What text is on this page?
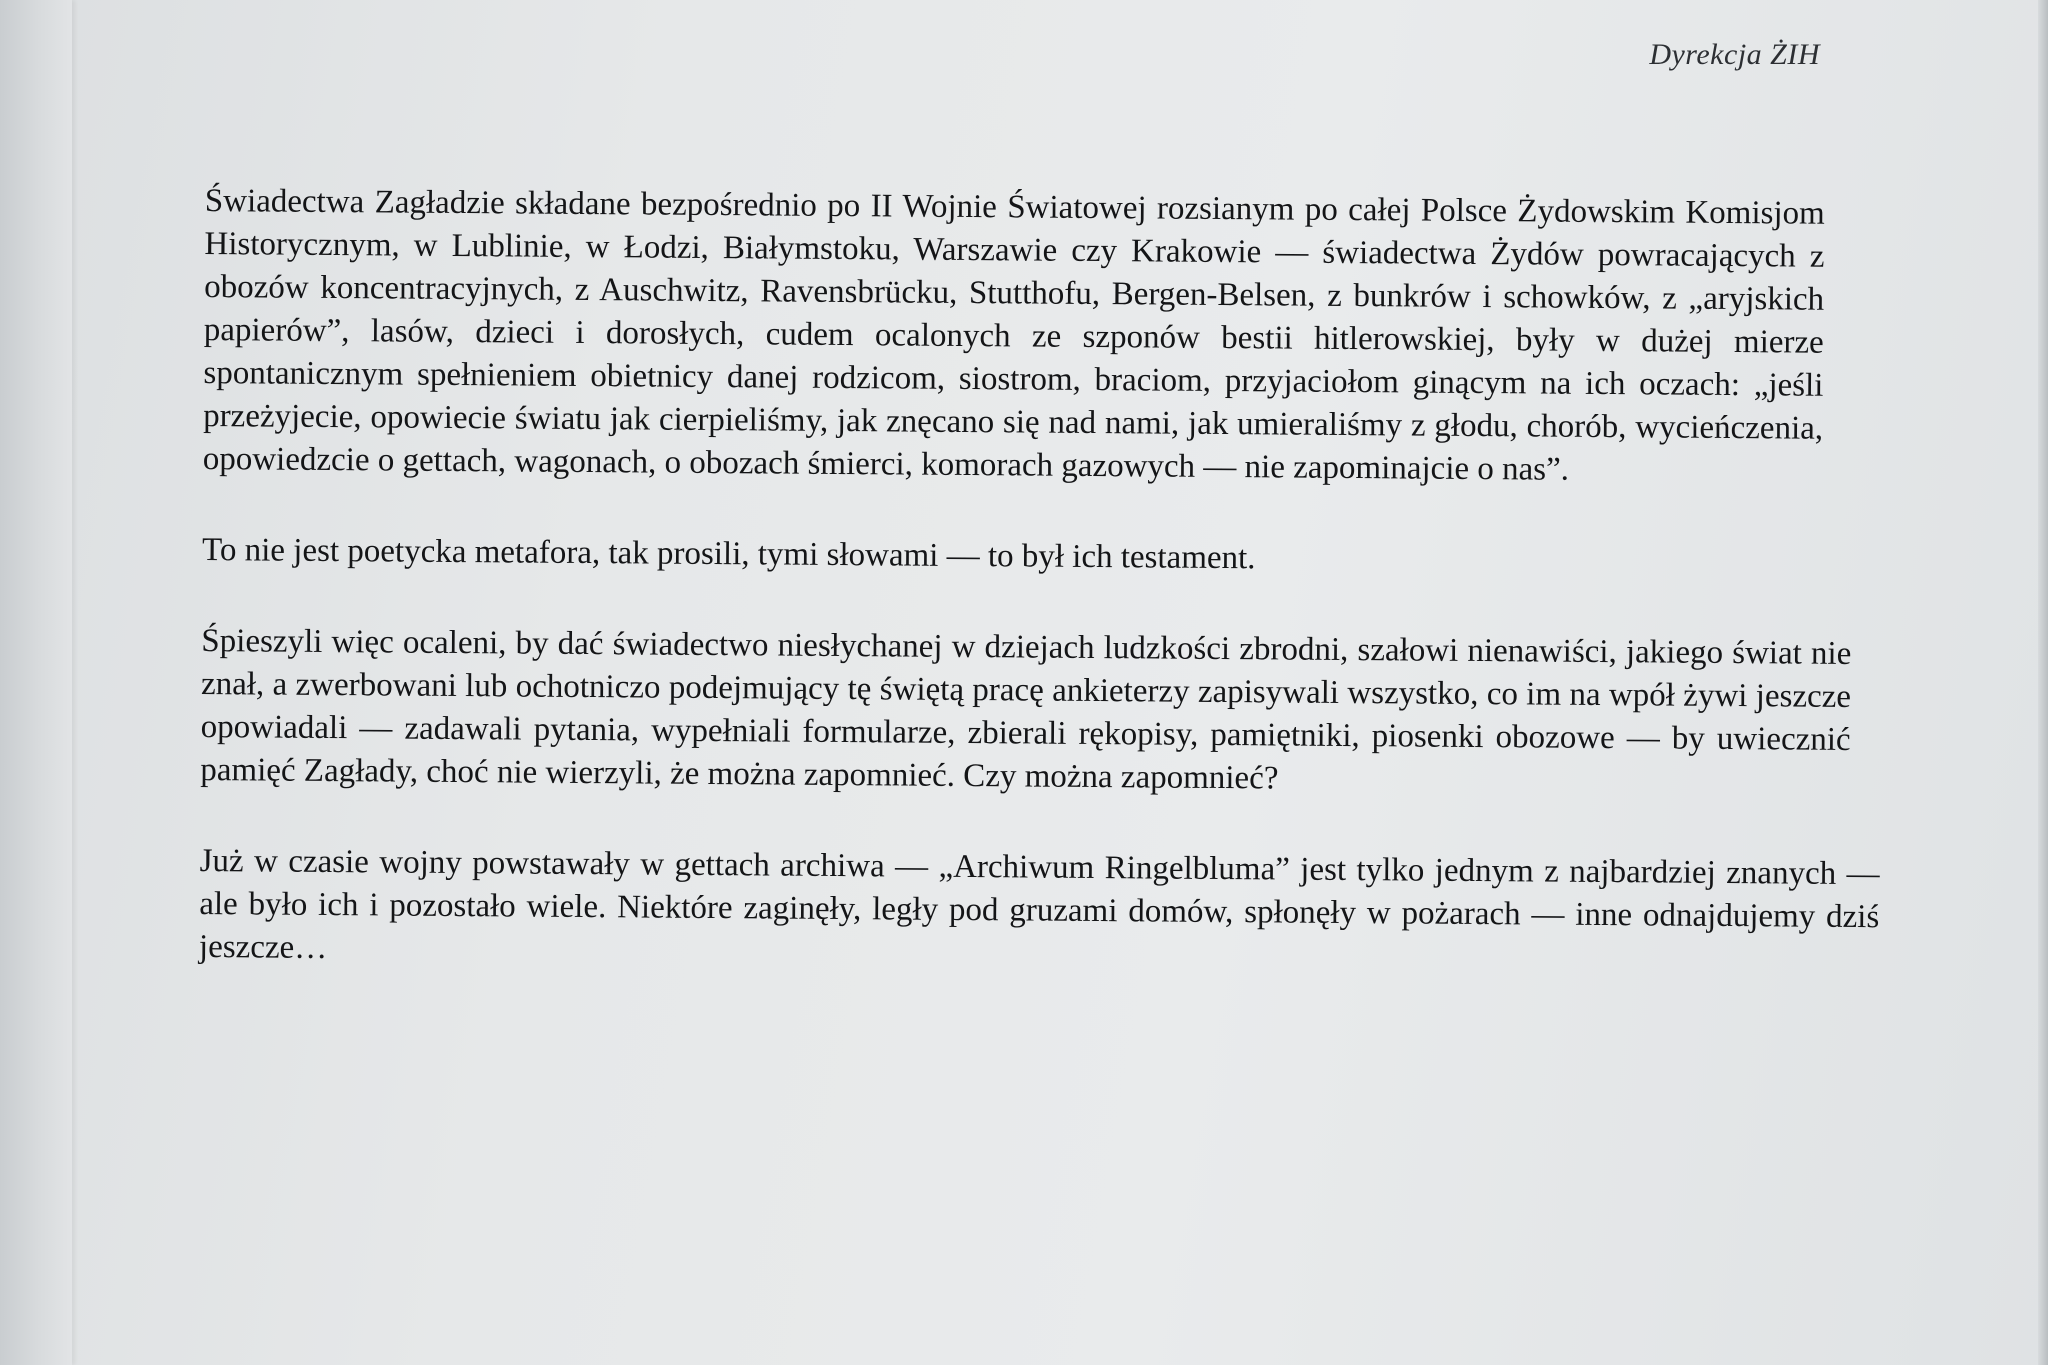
Dyrekcja ŻIH

Świadectwa Zagładzie składane bezpośrednio po II Wojnie Światowej rozsianym po całej Polsce Żydowskim Komisjom Historycznym, w Lublinie, w Łodzi, Białymstoku, Warszawie czy Krakowie — świadectwa Żydów powracających z obozów koncentracyjnych, z Auschwitz, Ravensbrücku, Stutthofu, Bergen-Belsen, z bunkrów i schowków, z „aryjskich papierów”, lasów, dzieci i dorosłych, cudem ocalonych ze szponów bestii hitlerowskiej, były w dużej mierze spontanicznym spełnieniem obietnicy danej rodzicom, siostrom, braciom, przyjaciołom ginącym na ich oczach: „jeśli przeżyjecie, opowiecie światu jak cierpieliśmy, jak znęcano się nad nami, jak umieraliśmy z głodu, chorób, wycieńczenia, opowiedzcie o gettach, wagonach, o obozach śmierci, komorach gazowych — nie zapominajcie o nas”.

To nie jest poetycka metafora, tak prosili, tymi słowami — to był ich testament.

Śpieszyli więc ocaleni, by dać świadectwo niesłychanej w dziejach ludzkości zbrodni, szałowi nienawiści, jakiego świat nie znał, a zwerbowani lub ochotniczo podejmujący tę świętą pracę ankieterzy zapisywali wszystko, co im na wpół żywi jeszcze opowiadali — zadawali pytania, wypełniali formularze, zbierali rękopisy, pamiętniki, piosenki obozowe — by uwiecznić pamięć Zagłady, choć nie wierzyli, że można zapomnieć. Czy można zapomnieć?

Już w czasie wojny powstawały w gettach archiwa — „Archiwum Ringelbluma” jest tylko jednym z najbardziej znanych — ale było ich i pozostało wiele. Niektóre zaginęły, legły pod gruzami domów, spłonęły w pożarach — inne odnajdujemy dziś jeszcze…
